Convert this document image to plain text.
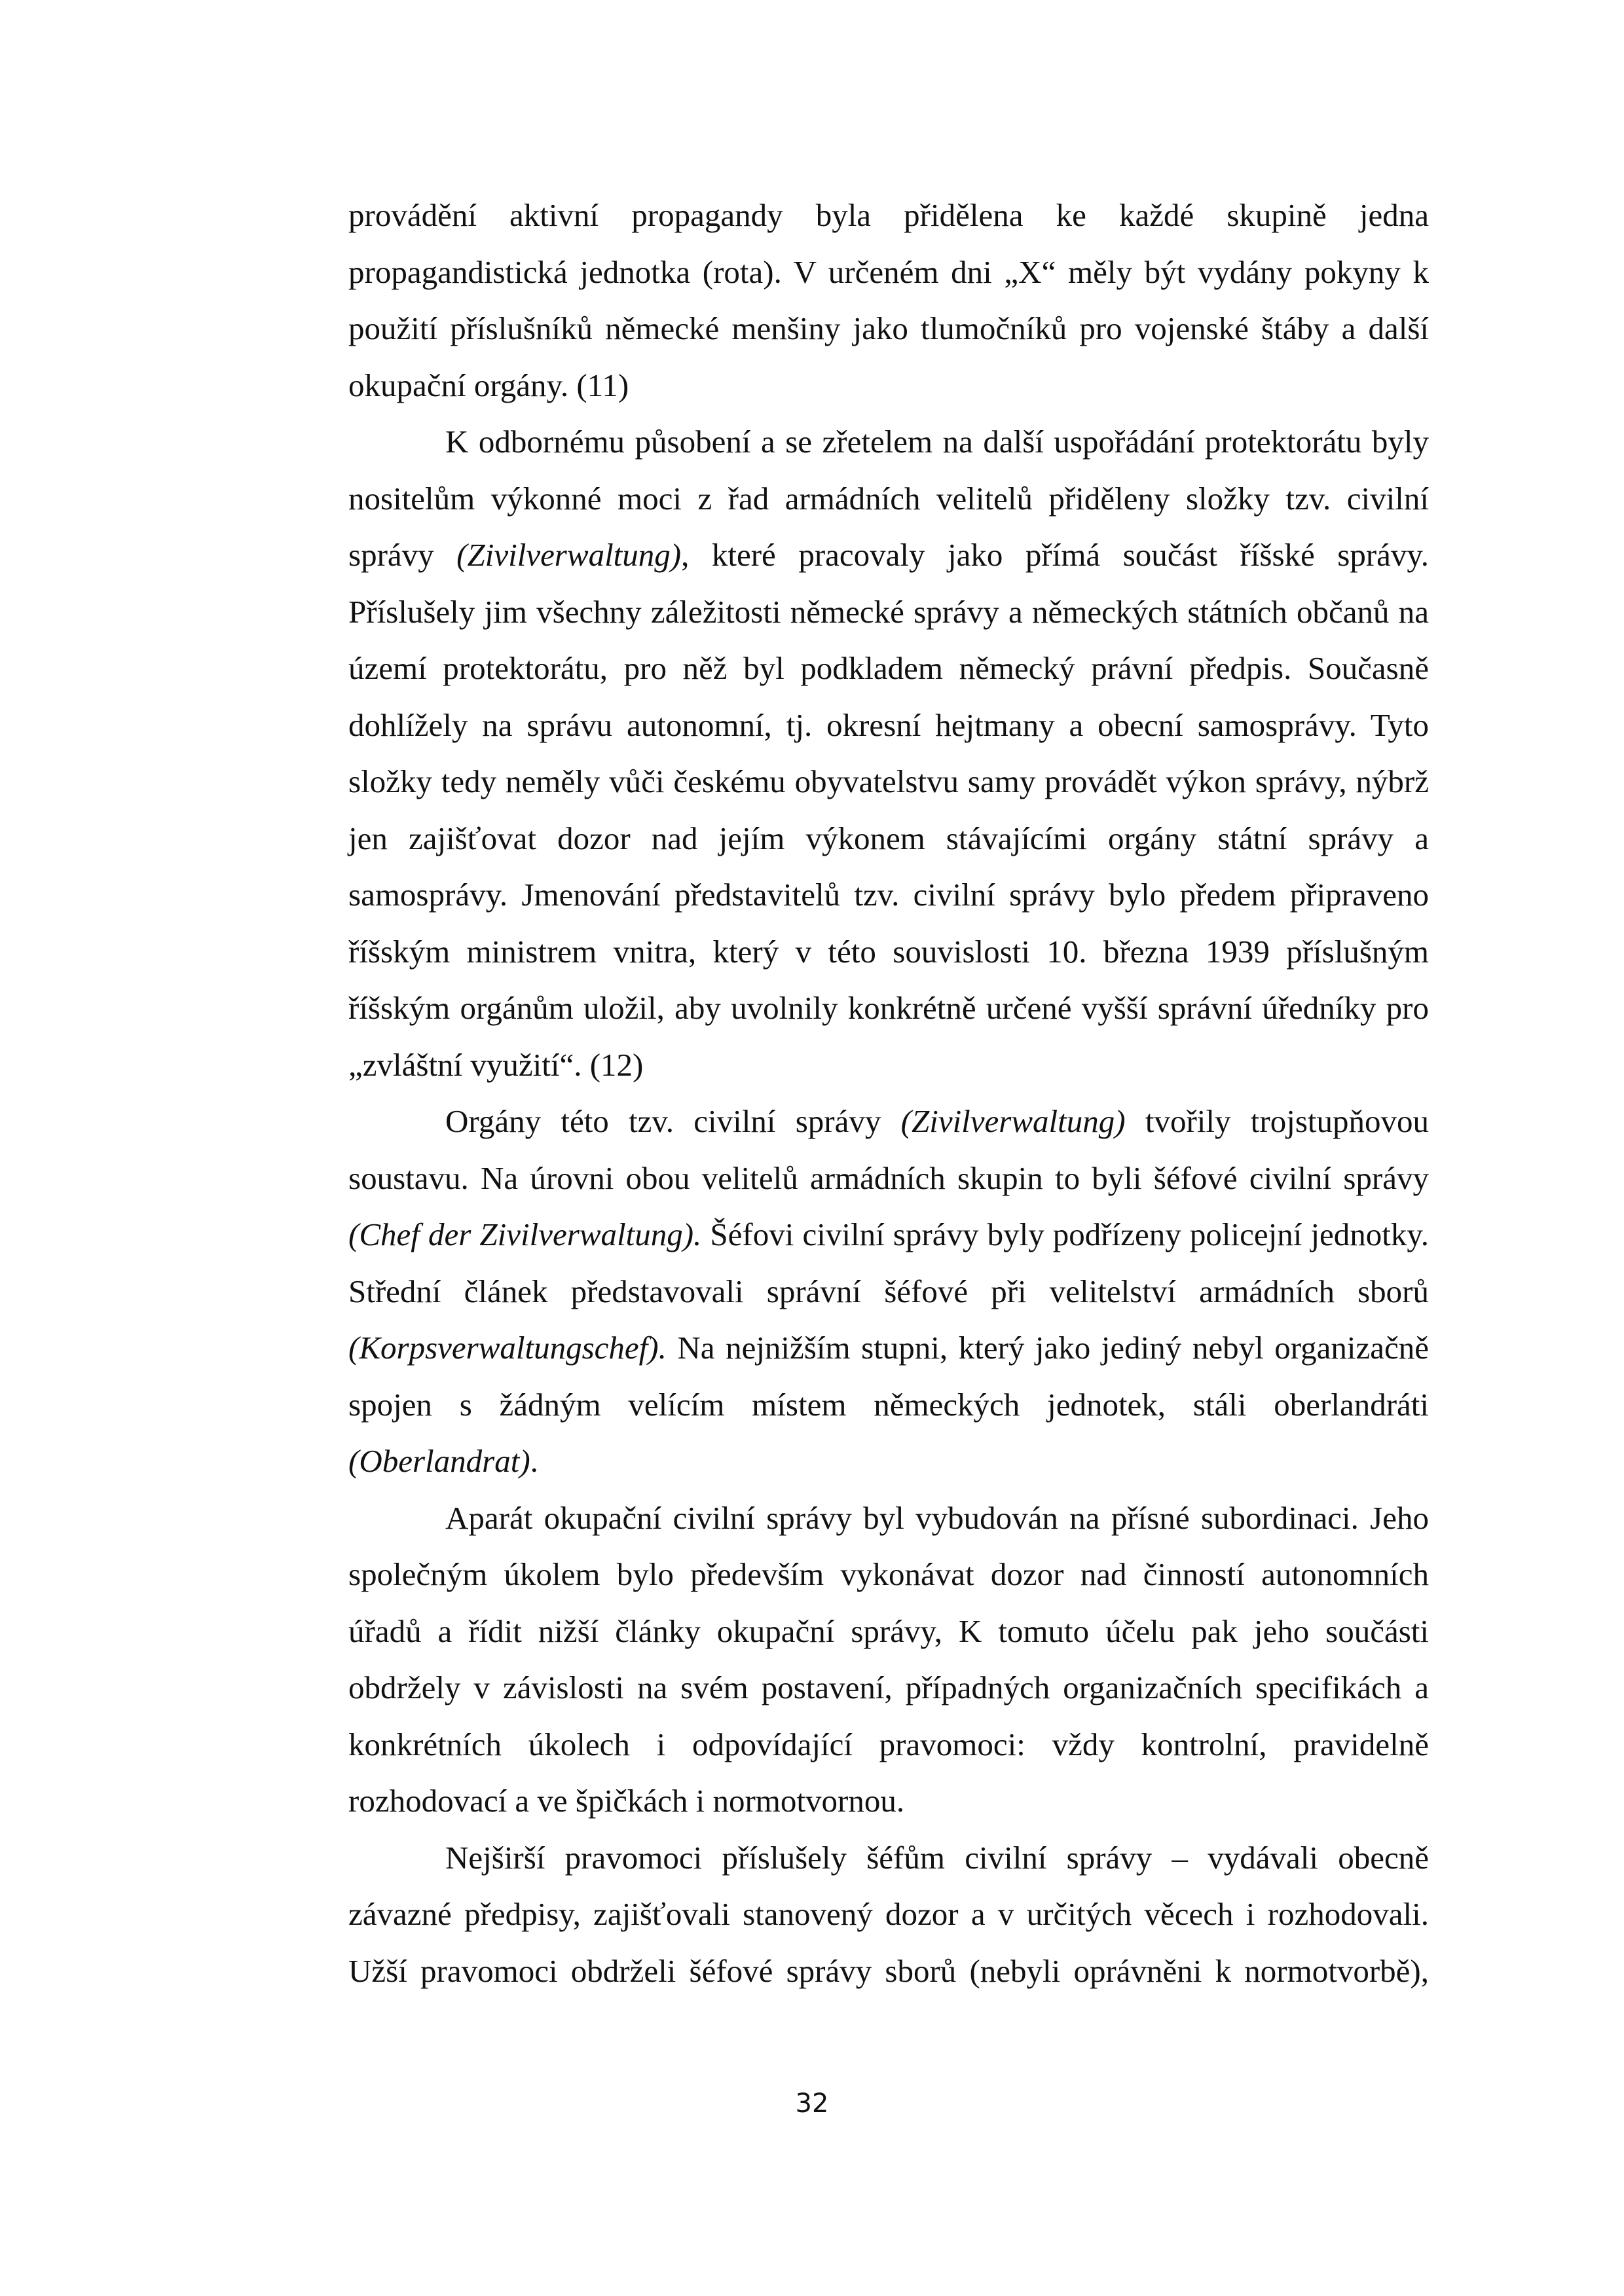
provádění aktivní propagandy byla přidělena ke každé skupině jedna propagandistická jednotka (rota). V určeném dni „X“ měly být vydány pokyny k použití příslušníků německé menšiny jako tlumočníků pro vojenské štáby a další okupační orgány. (11)

K odbornému působení a se zřetelem na další uspořádání protektorátu byly nositelům výkonné moci z řad armádních velitelů přiděleny složky tzv. civilní správy (Zivilverwaltung), které pracovaly jako přímá součást říšské správy. Příslušely jim všechny záležitosti německé správy a německých státních občanů na území protektorátu, pro něž byl podkladem německý právní předpis. Současně dohlížely na správu autonomní, tj. okresní hejtmany a obecní samosprávy. Tyto složky tedy neměly vůči českému obyvatelstvu samy provádět výkon správy, nýbrž jen zajišťovat dozor nad jejím výkonem stávajícími orgány státní správy a samosprávy. Jmenování představitelů tzv. civilní správy bylo předem připraveno říšským ministrem vnitra, který v této souvislosti 10. března 1939 příslušným říšským orgánům uložil, aby uvolnily konkrétně určené vyšší správní úředníky pro „zvláštní využití“. (12)

Orgány této tzv. civilní správy (Zivilverwaltung) tvořily trojstupňovou soustavu. Na úrovni obou velitelů armádních skupin to byli šéfové civilní správy (Chef der Zivilverwaltung). Šéfovi civilní správy byly podřízeny policejní jednotky. Střední článek představovali správní šéfové při velitelství armádních sborů (Korpsverwaltungschef). Na nejnižším stupni, který jako jediný nebyl organizačně spojen s žádným velícím místem německých jednotek, stáli oberlandráti (Oberlandrat).

Aparát okupační civilní správy byl vybudován na přísné subordinaci. Jeho společným úkolem bylo především vykonávat dozor nad činností autonomních úřadů a řídit nižší články okupační správy, K tomuto účelu pak jeho součásti obdržely v závislosti na svém postavení, případných organizačních specifikách a konkrétních úkolech i odpovídající pravomoci: vždy kontrolní, pravidelně rozhodovací a ve špičkách i normotvornou.

Nejširší pravomoci příslušely šéfům civilní správy – vydávali obecně závazné předpisy, zajišťovali stanovený dozor a v určitých věcech i rozhodovali. Užší pravomoci obdrželi šéfové správy sborů (nebyli oprávněni k normotvorbě),

32
